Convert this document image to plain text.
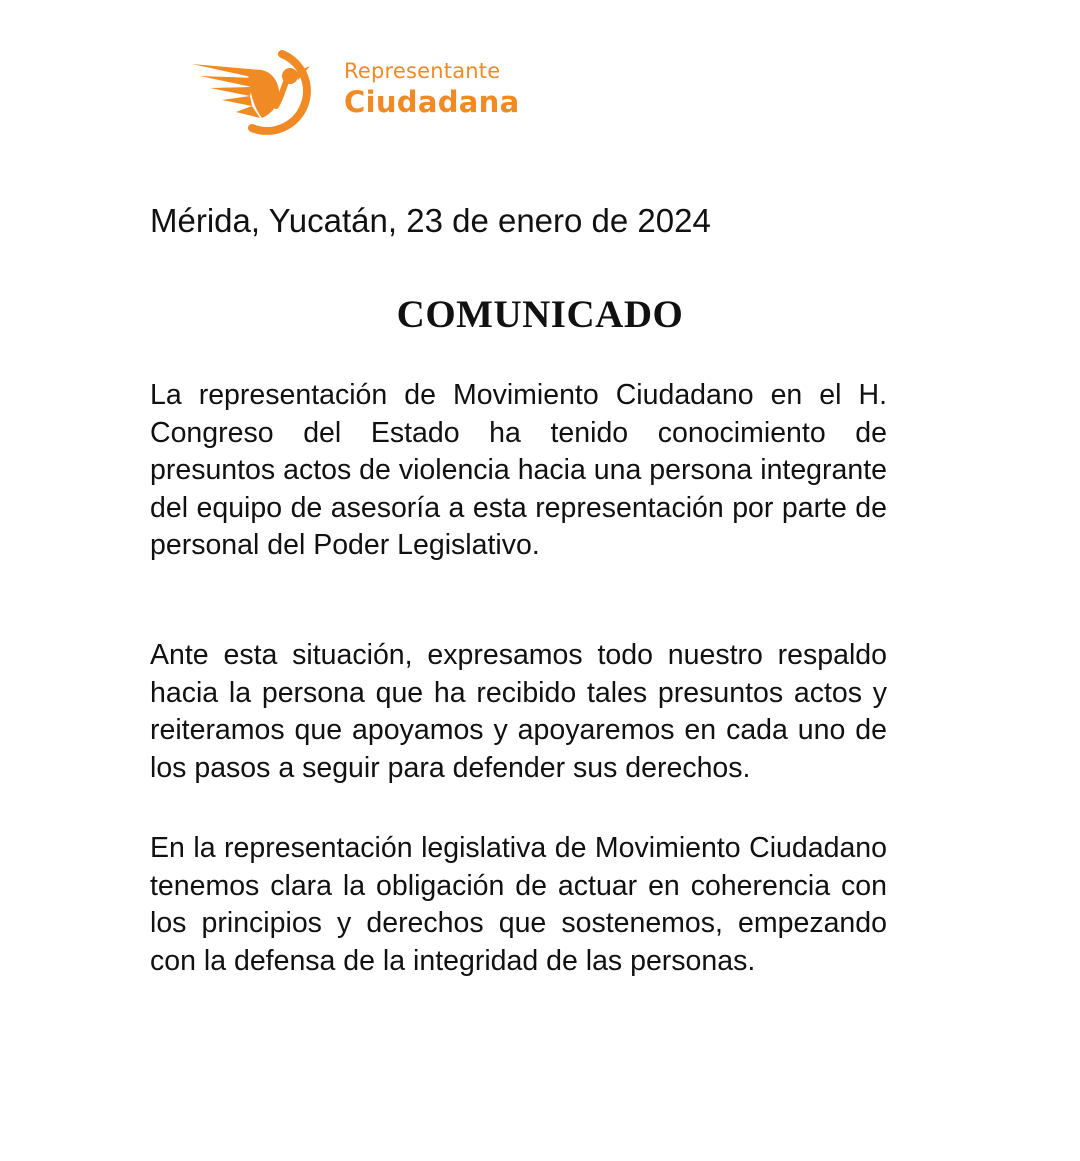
Representante
Ciudadana
Mérida, Yucatán, 23 de enero de 2024
COMUNICADO

La representación de Movimiento Ciudadano en el H. Congreso del Estado ha tenido conocimiento de presuntos actos de violencia hacia una persona integrante del equipo de asesoría a esta representación por parte de personal del Poder Legislativo.

Ante esta situación, expresamos todo nuestro respaldo hacia la persona que ha recibido tales presuntos actos y reiteramos que apoyamos y apoyaremos en cada uno de los pasos a seguir para defender sus derechos.

En la representación legislativa de Movimiento Ciudadano tenemos clara la obligación de actuar en coherencia con los principios y derechos que sostenemos, empezando con la defensa de la integridad de las personas.
